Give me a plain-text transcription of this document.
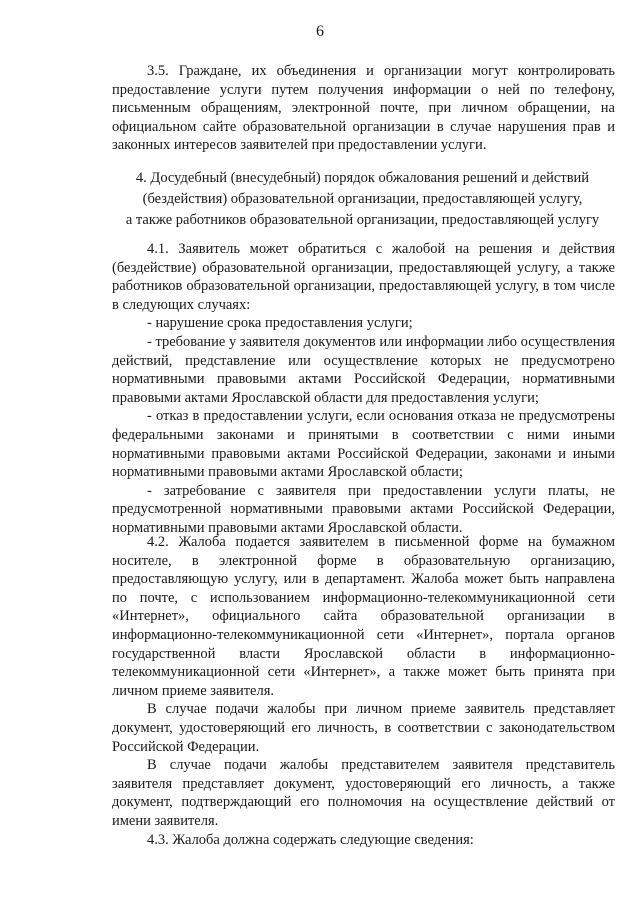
6

3.5. Граждане, их объединения и организации могут контролировать предоставление услуги путем получения информации о ней по телефону, письменным обращениям, электронной почте, при личном обращении, на официальном сайте образовательной организации в случае нарушения прав и законных интересов заявителей при предоставлении услуги.

4. Досудебный (внесудебный) порядок обжалования решений и действий
(бездействия) образовательной организации, предоставляющей услугу,
а также работников образовательной организации, предоставляющей услугу

4.1. Заявитель может обратиться с жалобой на решения и действия (бездействие) образовательной организации, предоставляющей услугу, а также работников образовательной организации, предоставляющей услугу, в том числе в следующих случаях:

- нарушение срока предоставления услуги;

- требование у заявителя документов или информации либо осуществления действий, представление или осуществление которых не предусмотрено нормативными правовыми актами Российской Федерации, нормативными правовыми актами Ярославской области для предоставления услуги;

- отказ в предоставлении услуги, если основания отказа не предусмотрены федеральными законами и принятыми в соответствии с ними иными нормативными правовыми актами Российской Федерации, законами и иными нормативными правовыми актами Ярославской области;

- затребование с заявителя при предоставлении услуги платы, не предусмотренной нормативными правовыми актами Российской Федерации, нормативными правовыми актами Ярославской области.

4.2. Жалоба подается заявителем в письменной форме на бумажном носителе, в электронной форме в образовательную организацию, предоставляющую услугу, или в департамент. Жалоба может быть направлена по почте, с использованием информационно-телекоммуникационной сети «Интернет», официального сайта образовательной организации в информационно-телекоммуникационной сети «Интернет», портала органов государственной власти Ярославской области в информационно-телекоммуникационной сети «Интернет», а также может быть принята при личном приеме заявителя.

В случае подачи жалобы при личном приеме заявитель представляет документ, удостоверяющий его личность, в соответствии с законодательством Российской Федерации.

В случае подачи жалобы представителем заявителя представитель заявителя представляет документ, удостоверяющий его личность, а также документ, подтверждающий его полномочия на осуществление действий от имени заявителя.

4.3. Жалоба должна содержать следующие сведения:
